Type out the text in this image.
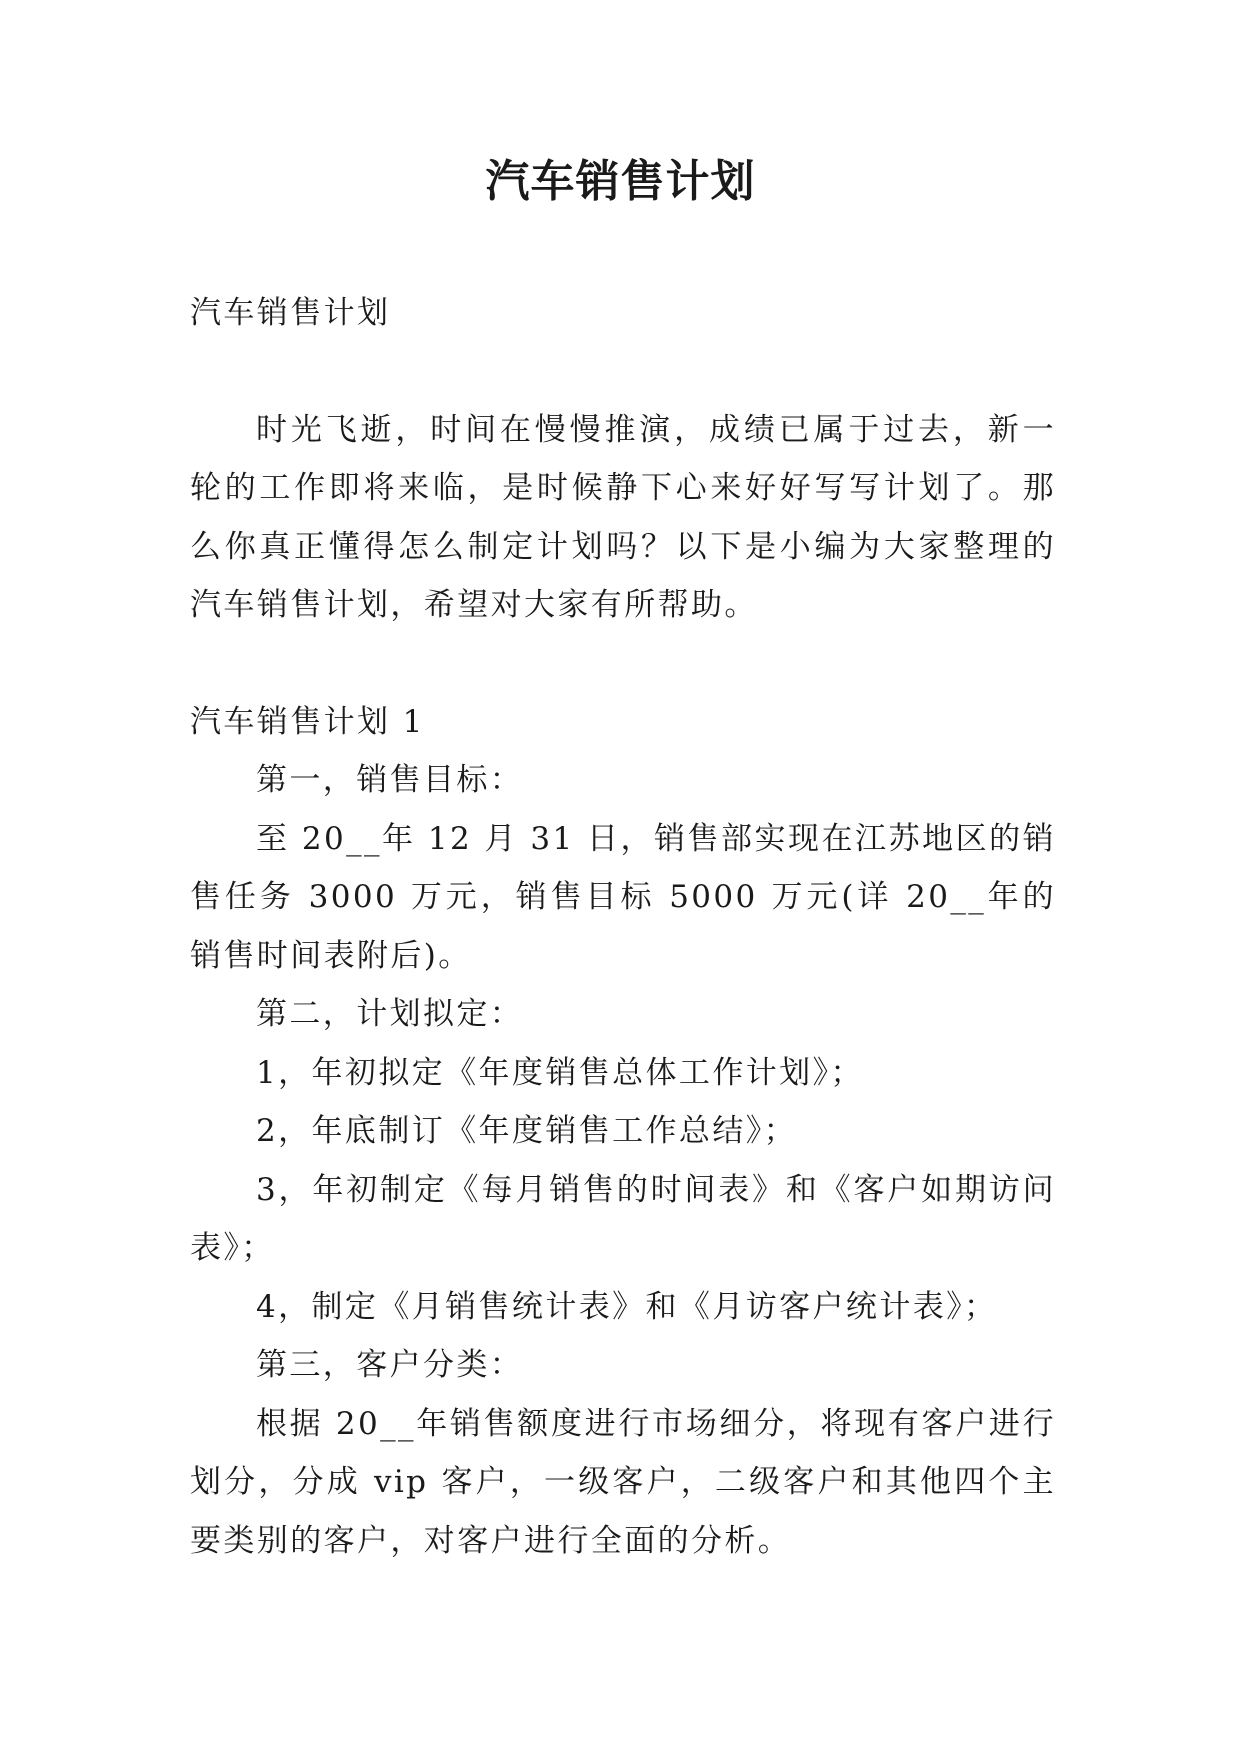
汽车销售计划

汽车销售计划

时光飞逝，时间在慢慢推演，成绩已属于过去，新一轮的工作即将来临，是时候静下心来好好写写计划了。那么你真正懂得怎么制定计划吗？以下是小编为大家整理的汽车销售计划，希望对大家有所帮助。

汽车销售计划 1

第一，销售目标：

至 20__年 12 月 31 日，销售部实现在江苏地区的销售任务 3000 万元，销售目标 5000 万元(详 20__年的销售时间表附后)。

第二，计划拟定：

1，年初拟定《年度销售总体工作计划》；

2，年底制订《年度销售工作总结》；

3，年初制定《每月销售的时间表》和《客户如期访问表》；

4，制定《月销售统计表》和《月访客户统计表》；

第三，客户分类：

根据 20__年销售额度进行市场细分，将现有客户进行划分，分成 vip 客户，一级客户，二级客户和其他四个主要类别的客户，对客户进行全面的分析。
